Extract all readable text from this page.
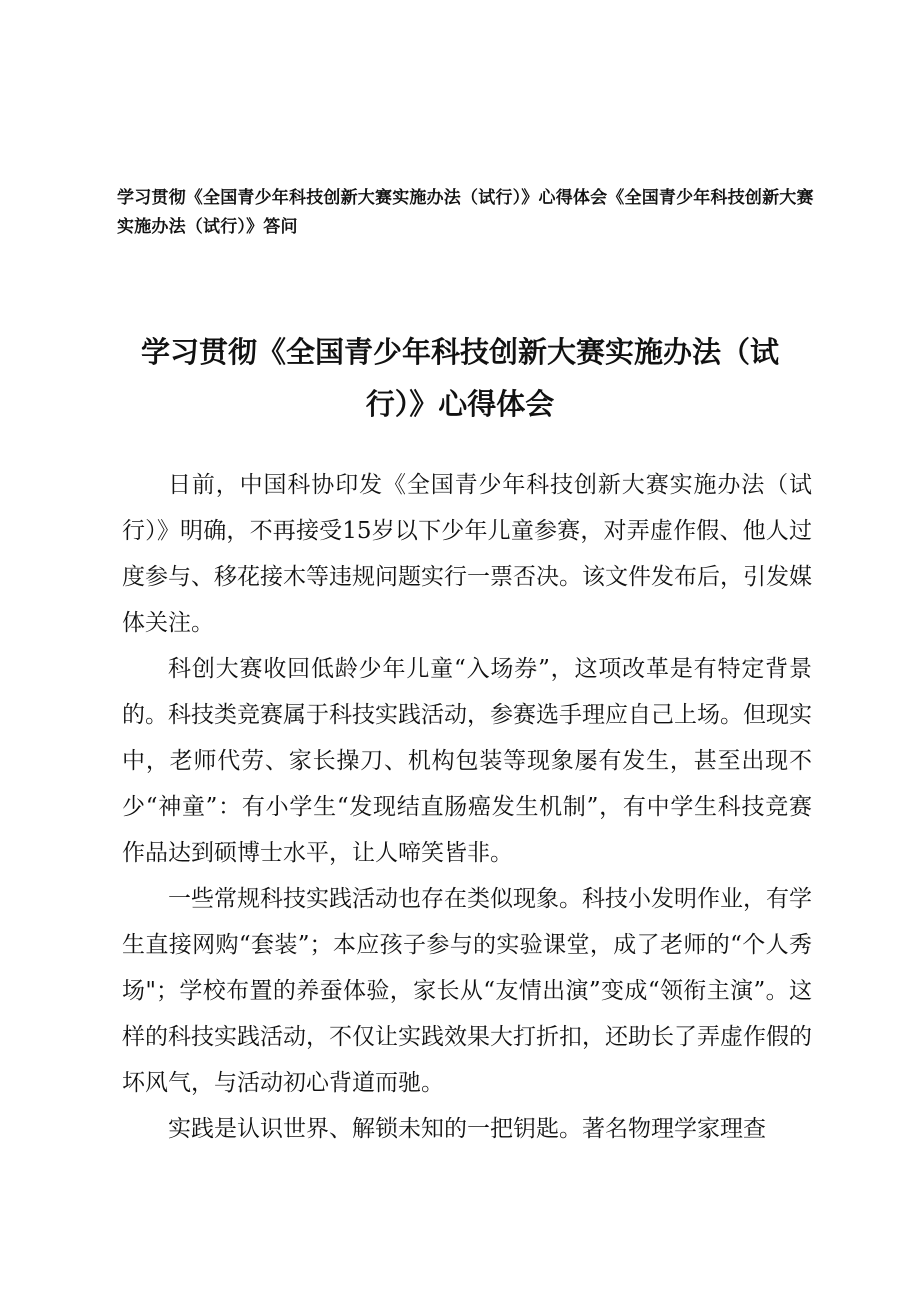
学习贯彻《全国青少年科技创新大赛实施办法（试行）》心得体会《全国青少年科技创新大赛实施办法（试行）》答问
学习贯彻《全国青少年科技创新大赛实施办法（试
行）》心得体会

日前，中国科协印发《全国青少年科技创新大赛实施办法（试行）》明确，不再接受15岁以下少年儿童参赛，对弄虚作假、他人过度参与、移花接木等违规问题实行一票否决。该文件发布后，引发媒体关注。

科创大赛收回低龄少年儿童“入场券”，这项改革是有特定背景的。科技类竞赛属于科技实践活动，参赛选手理应自己上场。但现实中，老师代劳、家长操刀、机构包装等现象屡有发生，甚至出现不少“神童”：有小学生“发现结直肠癌发生机制”，有中学生科技竞赛作品达到硕博士水平，让人啼笑皆非。

一些常规科技实践活动也存在类似现象。科技小发明作业，有学生直接网购“套装”；本应孩子参与的实验课堂，成了老师的“个人秀场"；学校布置的养蚕体验，家长从“友情出演”变成“领衔主演”。这样的科技实践活动，不仅让实践效果大打折扣，还助长了弄虚作假的坏风气，与活动初心背道而驰。

实践是认识世界、解锁未知的一把钥匙。著名物理学家理查
